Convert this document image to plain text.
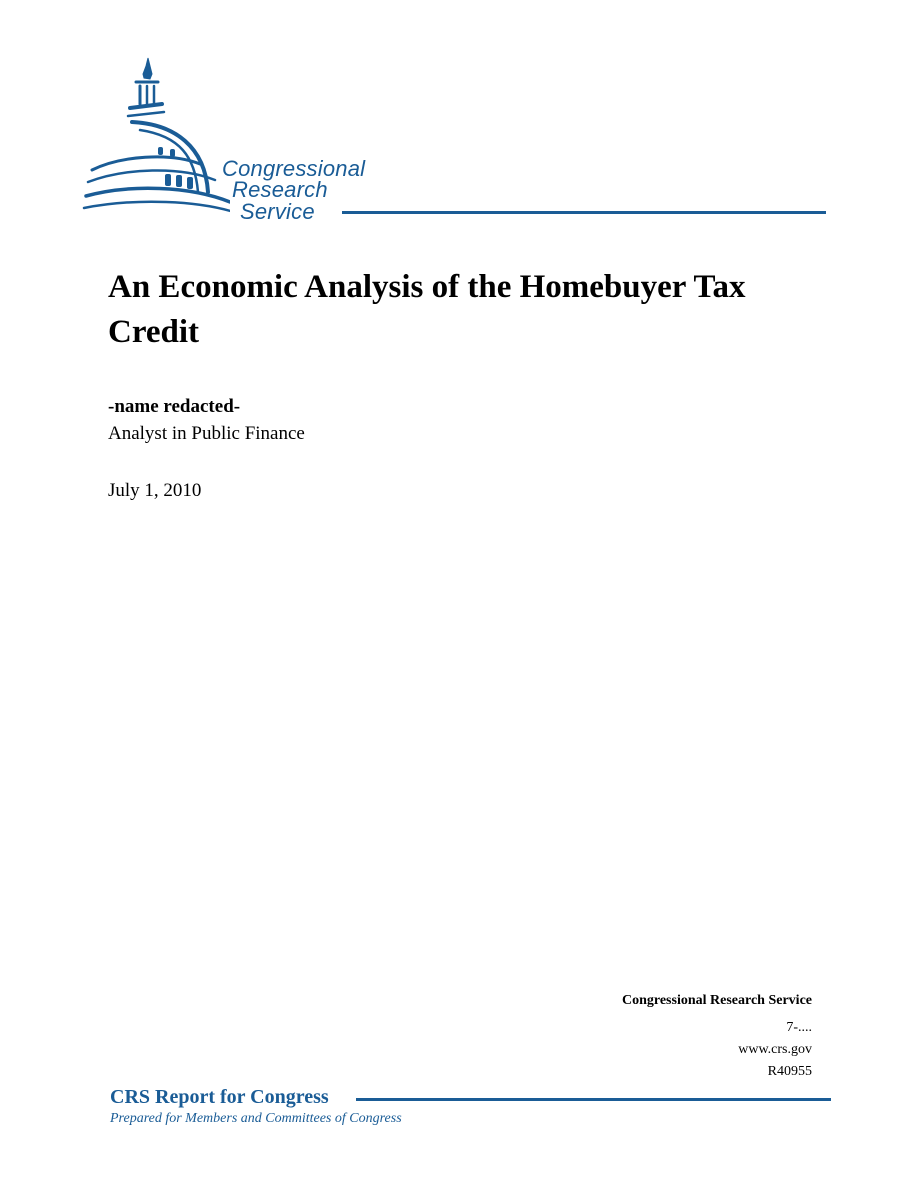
Congressional
Research
Service
An Economic Analysis of the Homebuyer Tax Credit
-name redacted-
Analyst in Public Finance
July 1, 2010
Congressional Research Service
7-....
www.crs.gov
R40955
CRS Report for Congress
Prepared for Members and Committees of Congress
